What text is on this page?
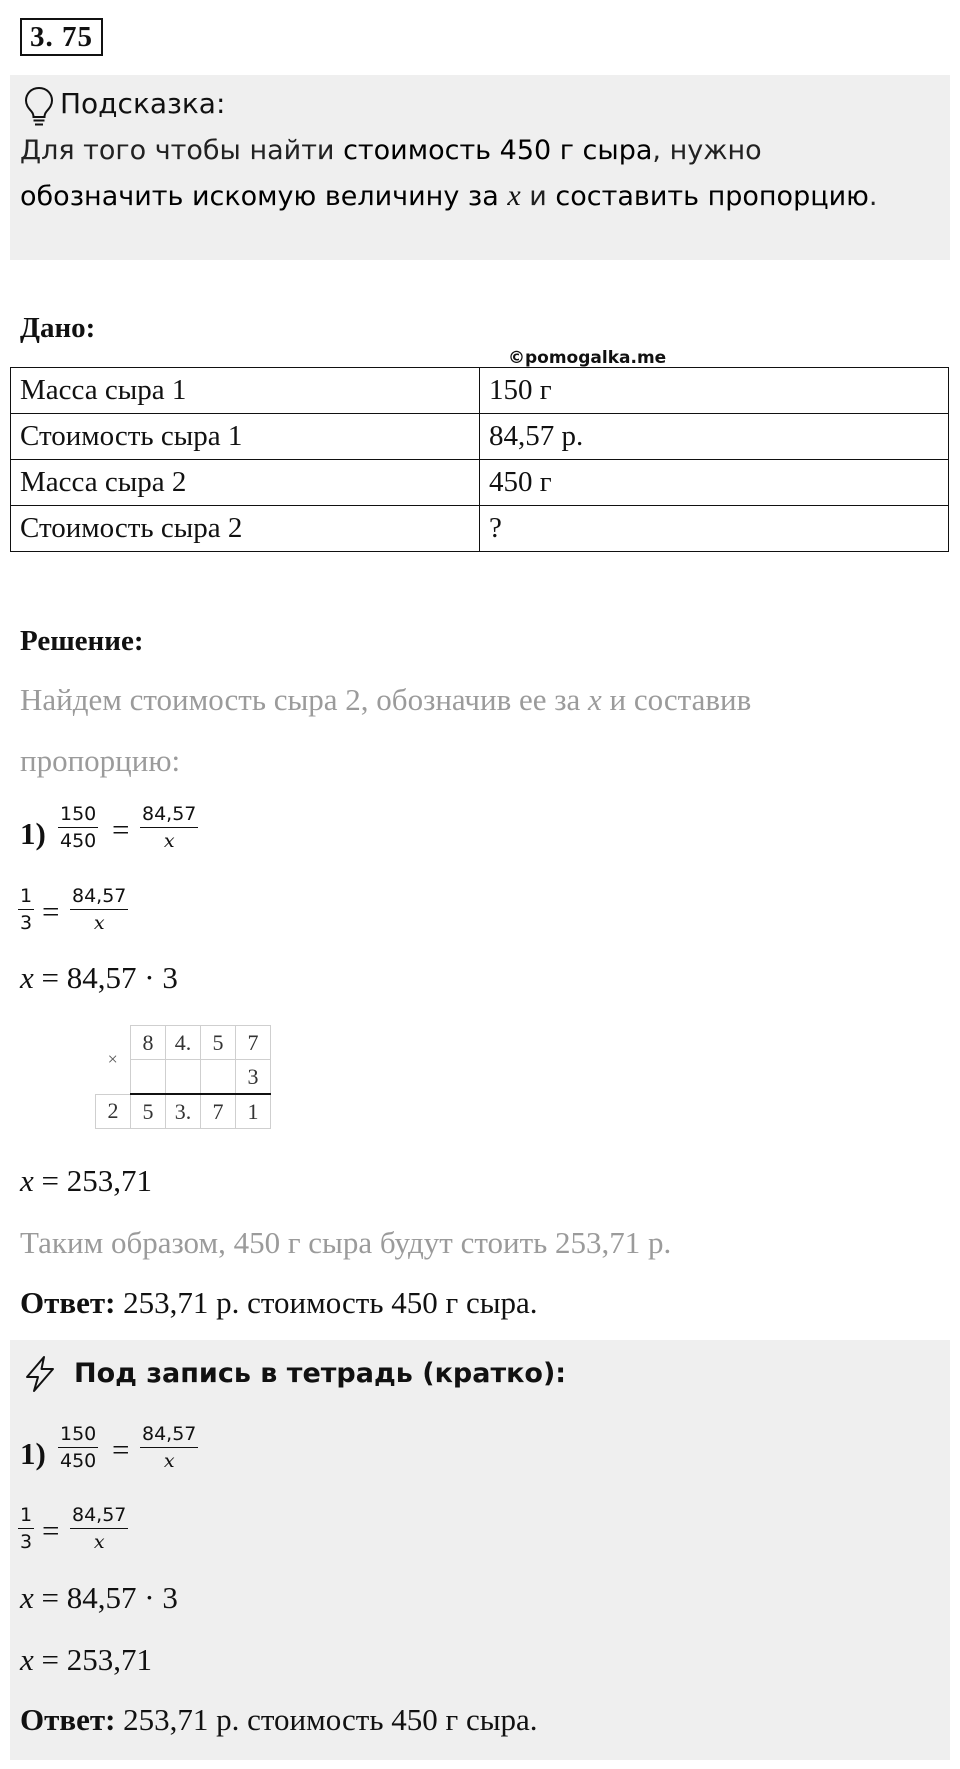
3. 75
Подсказка:
Для того чтобы найти стоимость 450 г сыра, нужно
обозначить искомую величину за x и составить пропорцию.
Дано:
©pomogalka.me
Масса сыра 1	150 г
Стоимость сыра 1	84,57 р.
Масса сыра 2	450 г
Стоимость сыра 2	?
Решение:
Найдем стоимость сыра 2, обозначив ее за x и составив
пропорцию:
$1) \frac{150}{450} = \frac{84,57}{x}$
$\frac{1}{3} = \frac{84,57}{x}$
x = 84,57 · 3
×	8	4.	5	7
				3
2	5	3.	7	1
x = 253,71
Таким образом, 450 г сыра будут стоить 253,71 р.
Ответ: 253,71 р. стоимость 450 г сыра.
Под запись в тетрадь (кратко):
$1) \frac{150}{450} = \frac{84,57}{x}$
$\frac{1}{3} = \frac{84,57}{x}$
x = 84,57 · 3
x = 253,71
Ответ: 253,71 р. стоимость 450 г сыра.
